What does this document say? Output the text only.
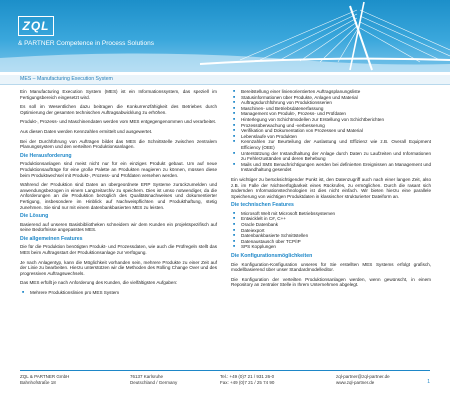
ZQL
& PARTNER Competence in Process Solutions
MES – Manufacturing Execution System

Ein Manufacturing Execution System (MES) ist ein Informationssystem, das speziell im Fertigungsbereich eingesetzt wird.

Es soll im Wesentlichen dazu beitragen die Konkurrenzfähigkeit des Betriebes durch Optimierung der gesamten technischen Auftragsabwicklung zu erhöhen.

Produkt-, Prozess- und Maschinendaten werden vom MES entgegengenommen und verarbeitet.

Aus diesen Daten werden Kennzahlen ermittelt und ausgewertet.

Bei der Durchführung von Aufträgen bildet das MES die Schnittstelle zwischen zentralem Planungssystem und den verteilten Produktionsanlagen.

Die Herausforderung

Produktionsanlagen sind meist nicht nur für ein einziges Produkt gebaut. Um auf neue Produktionsaufträge für eine große Palette an Produkten reagieren zu können, müssen diese beim Produktwechsel mit Produkt-, Prozess- und Prüfdaten versehen werden.

Während der Produktion sind Daten an übergeordnete ERP Systeme zurückzumelden und anwendungsbezogen in einem Langzeitarchiv zu speichern. Dies ist umso notwendiger, da die Anforderungen an die Produktion bezüglich des Qualitätsnachweises und dokumentierter Fertigung, insbesondere im Hinblick auf Nachweispflichten und Produkthaftung, stetig zunehmen. Sie sind nur mit einem datenbankbasierten MES zu leisten.

Die Lösung

Basierend auf unseren Basisbibliotheken schneidern wir dem Kunden ein projektspezifisch auf seine Bedürfnisse angepasstes MES.

Die allgemeinen Features

Die für die Produktion benötigten Produkt- und Prozessdaten, wie auch die Prüfregeln stellt das MES beim Auftragsstart der Produktionsanlage zur Verfügung.

Je nach Anlagentyp, kann die Möglichkeit vorhanden sein, mehrere Produkte zu einer Zeit auf der Linie zu bearbeiten. Hierzu unterstützen wir die Methoden des Rolling Change Over und des progressiven Auftragswechsels.

Das MES erfüllt je nach Anforderung des Kunden, die vielfältigsten Aufgaben:

■ Mehrere Produktionslinien pro MES System
■ Bereitstellung einer linienorientierten Auftragsplanungsliste
■ Statusinformationen über Produkte, Anlagen und Material
■ Auftragsdurchführung von Produktionsserien
■ Maschinen- und Betriebsdatenerfassung
■ Management von Produkt-, Prozess- und Prüfdaten
■ Hinterlegung von Schichtmodellen zur Erstellung von Schichtberichten
■ Prozessüberwachung und -verbesserung
■ Verifikation und Dokumentation von Prozessen und Material
■ Lebenslaufe von Produkten
■ Kennzahlen zur Beurteilung der Auslastung und Effizienz wie z.B. Overall Equipment Efficiency (OEE)
■ Unterstützung der Instandhaltung der Anlage durch Daten zu Laufzeiten und Informationen zu Fehlerzuständen und deren Behebung
■ Mails und SMS Benachrichtigungen werden bei definierten Ereignissen an Management und Instandhaltung gesendet

Ein wichtiger zu berücksichtigender Punkt ist, den Datenzugriff auch nach einer langen Zeit, also z.B. im Falle der Nichtverfügbarkeit eines Rückrufes, zu ermöglichen. Durch die rasant sich ändernden Informationstechnologien ist dies nicht einfach. Wir bieten hierzu eine parallele Speicherung von wichtigen Produktdaten in klassischer strukturierter Dateiform an.

Die technischen Features
■ Microsoft Welt mit Microsoft Betriebssystemen
■ Entwicklelt in C#, C++
■ Oracle Datenbank
■ Dateiexport
■ Datenbankbasierte Schnittstellen
■ Datenaustausch über TCP/IP
■ SPS Kopplungen
Die Konfigurationsmöglichkeiten

Die Konfiguration-Konfiguration unseres für Sie erstellten MES Systems erfolgt grafisch, modellbasierend über unser Standardmodelleditor.

Die Konfiguration der verteilten Produktionsanlagen werden, wenn gewünscht, in einem Repository an zentraler Stelle in Ihrem Unternehmen abgelegt.

ZQL & PARTNER GmbH
Bahnhofstraße 18
76137 Karlsruhe
Deutschland / Germany
Tel.: +49 (0)7 21 / 931 26-0
Fax: +49 (0)7 21 / 25 74 90
zql-partner@zql-partner.de
www.zql-partner.de	1
